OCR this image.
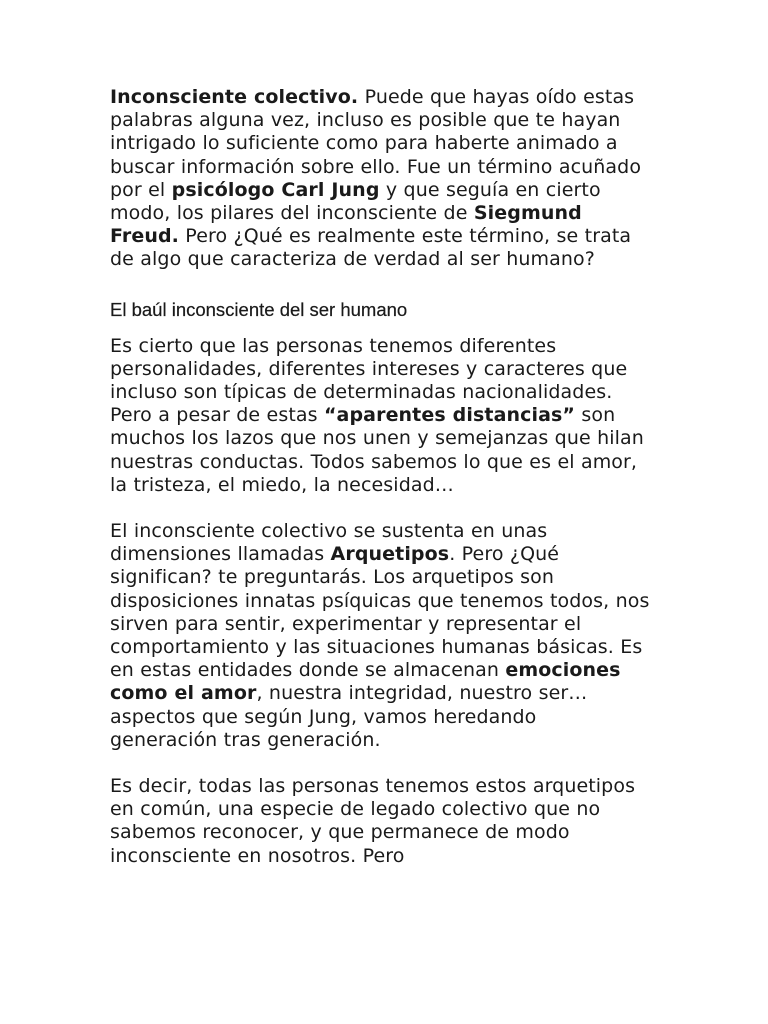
Inconsciente colectivo. Puede que hayas oído estas palabras alguna vez, incluso es posible que te hayan intrigado lo suficiente como para haberte animado a buscar información sobre ello. Fue un término acuñado por el psicólogo Carl Jung y que seguía en cierto modo, los pilares del inconsciente de Siegmund Freud. Pero ¿Qué es realmente este término, se trata de algo que caracteriza de verdad al ser humano?

El baúl inconsciente del ser humano

Es cierto que las personas tenemos diferentes personalidades, diferentes intereses y caracteres que incluso son típicas de determinadas nacionalidades. Pero a pesar de estas “aparentes distancias” son muchos los lazos que nos unen y semejanzas que hilan nuestras conductas. Todos sabemos lo que es el amor, la tristeza, el miedo, la necesidad…

El inconsciente colectivo se sustenta en unas dimensiones llamadas Arquetipos. Pero ¿Qué significan? te preguntarás. Los arquetipos son disposiciones innatas psíquicas que tenemos todos, nos sirven para sentir, experimentar y representar el comportamiento y las situaciones humanas básicas. Es en estas entidades donde se almacenan emociones como el amor, nuestra integridad, nuestro ser… aspectos que según Jung, vamos heredando generación tras generación.

Es decir, todas las personas tenemos estos arquetipos en común, una especie de legado colectivo que no sabemos reconocer, y que permanece de modo inconsciente en nosotros. Pero
